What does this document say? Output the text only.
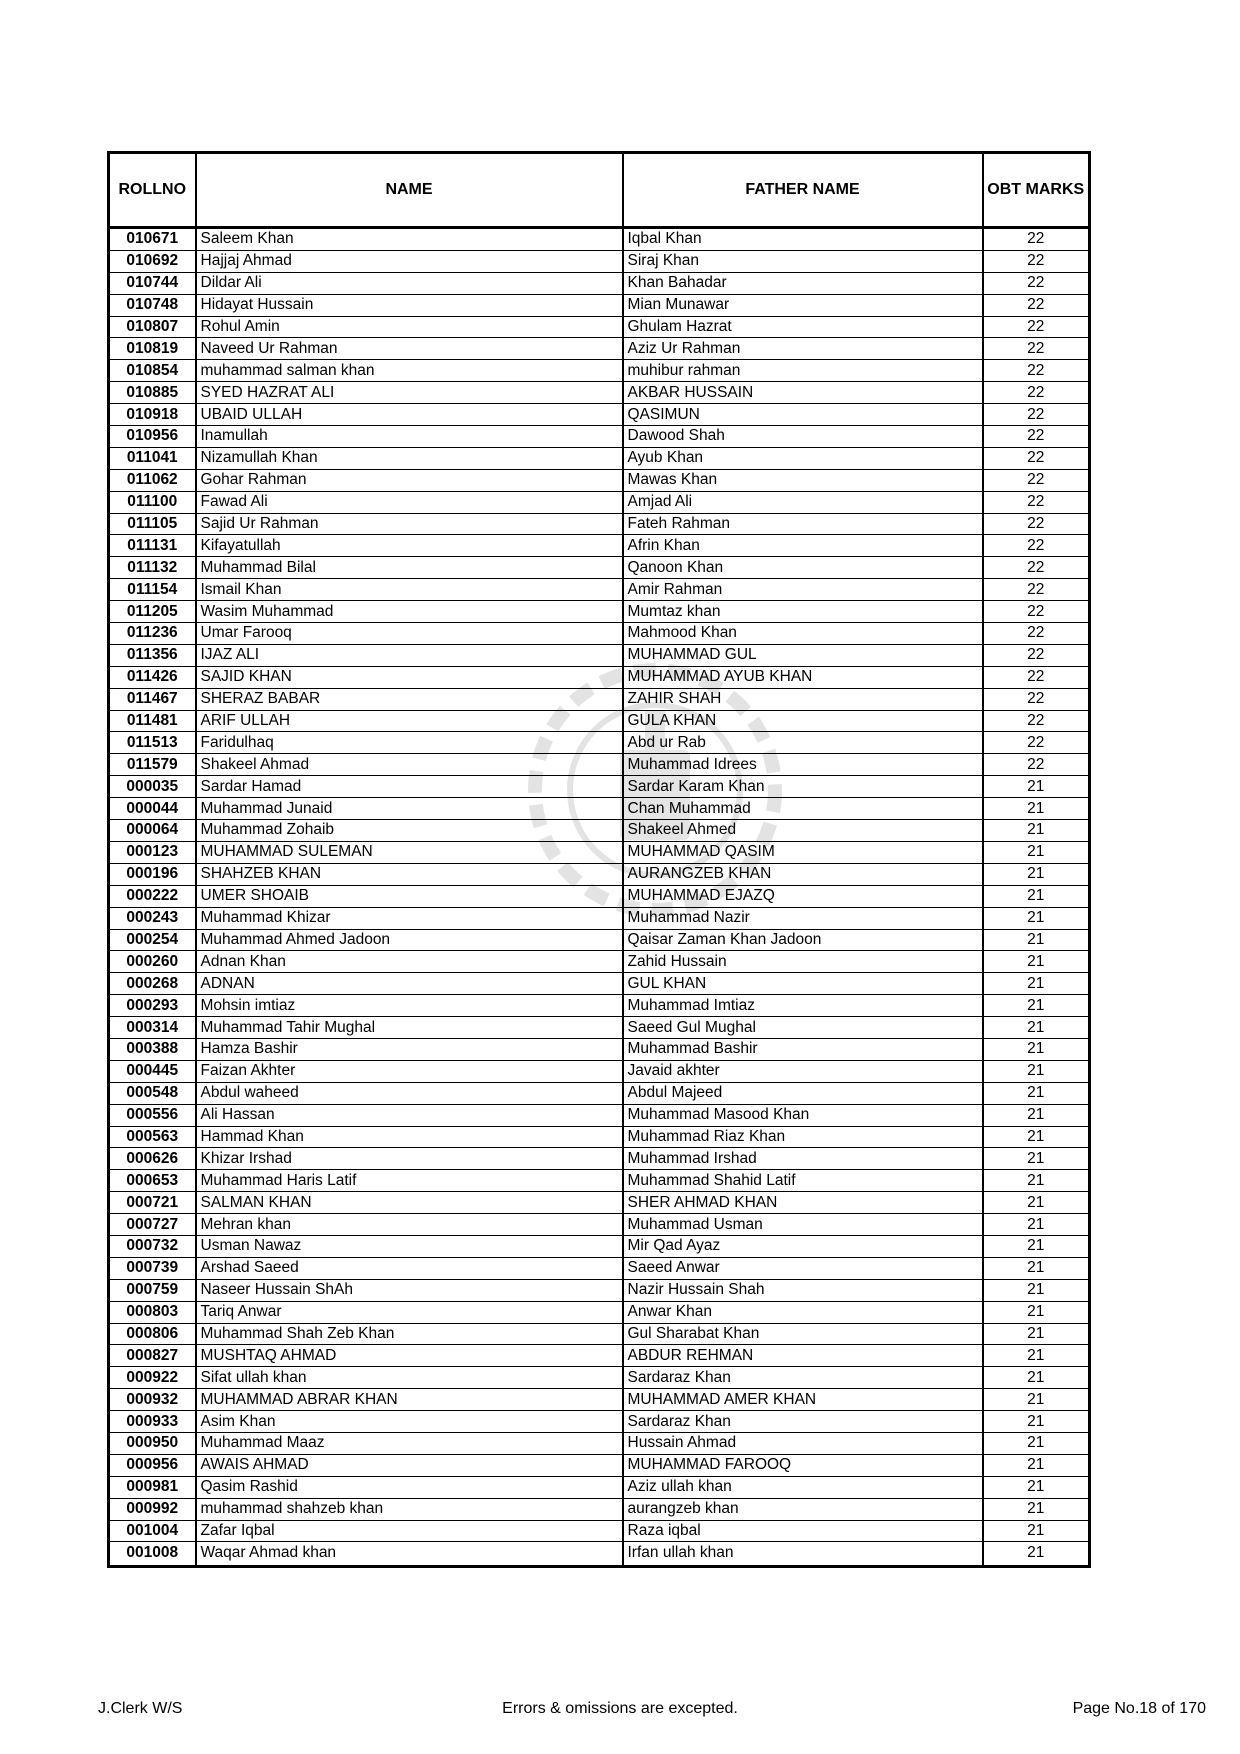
ROLLNO	NAME	FATHER NAME	OBT MARKS
010671	Saleem Khan	Iqbal Khan	22
010692	Hajjaj Ahmad	Siraj Khan	22
010744	Dildar Ali	Khan Bahadar	22
010748	Hidayat Hussain	Mian Munawar	22
010807	Rohul Amin	Ghulam Hazrat	22
010819	Naveed Ur Rahman	Aziz Ur Rahman	22
010854	muhammad salman khan	muhibur rahman	22
010885	SYED HAZRAT ALI	AKBAR HUSSAIN	22
010918	UBAID ULLAH	QASIMUN	22
010956	Inamullah	Dawood Shah	22
011041	Nizamullah Khan	Ayub Khan	22
011062	Gohar Rahman	Mawas Khan	22
011100	Fawad Ali	Amjad Ali	22
011105	Sajid Ur Rahman	Fateh Rahman	22
011131	Kifayatullah	Afrin Khan	22
011132	Muhammad Bilal	Qanoon Khan	22
011154	Ismail Khan	Amir Rahman	22
011205	Wasim Muhammad	Mumtaz khan	22
011236	Umar Farooq	Mahmood Khan	22
011356	IJAZ ALI	MUHAMMAD GUL	22
011426	SAJID KHAN	MUHAMMAD AYUB KHAN	22
011467	SHERAZ BABAR	ZAHIR SHAH	22
011481	ARIF ULLAH	GULA KHAN	22
011513	Faridulhaq	Abd ur Rab	22
011579	Shakeel Ahmad	Muhammad Idrees	22
000035	Sardar Hamad	Sardar Karam Khan	21
000044	Muhammad Junaid	Chan Muhammad	21
000064	Muhammad Zohaib	Shakeel Ahmed	21
000123	MUHAMMAD SULEMAN	MUHAMMAD QASIM	21
000196	SHAHZEB KHAN	AURANGZEB KHAN	21
000222	UMER SHOAIB	MUHAMMAD EJAZQ	21
000243	Muhammad Khizar	Muhammad Nazir	21
000254	Muhammad Ahmed Jadoon	Qaisar Zaman Khan Jadoon	21
000260	Adnan Khan	Zahid Hussain	21
000268	ADNAN	GUL KHAN	21
000293	Mohsin imtiaz	Muhammad Imtiaz	21
000314	Muhammad Tahir Mughal	Saeed Gul Mughal	21
000388	Hamza Bashir	Muhammad Bashir	21
000445	Faizan Akhter	Javaid akhter	21
000548	Abdul waheed	Abdul Majeed	21
000556	Ali Hassan	Muhammad Masood Khan	21
000563	Hammad Khan	Muhammad Riaz Khan	21
000626	Khizar Irshad	Muhammad Irshad	21
000653	Muhammad Haris Latif	Muhammad Shahid Latif	21
000721	SALMAN KHAN	SHER AHMAD KHAN	21
000727	Mehran khan	Muhammad Usman	21
000732	Usman Nawaz	Mir Qad Ayaz	21
000739	Arshad Saeed	Saeed Anwar	21
000759	Naseer Hussain ShAh	Nazir Hussain Shah	21
000803	Tariq Anwar	Anwar Khan	21
000806	Muhammad Shah Zeb Khan	Gul Sharabat Khan	21
000827	MUSHTAQ AHMAD	ABDUR REHMAN	21
000922	Sifat ullah khan	Sardaraz Khan	21
000932	MUHAMMAD ABRAR KHAN	MUHAMMAD AMER KHAN	21
000933	Asim Khan	Sardaraz Khan	21
000950	Muhammad Maaz	Hussain Ahmad	21
000956	AWAIS AHMAD	MUHAMMAD FAROOQ	21
000981	Qasim Rashid	Aziz ullah khan	21
000992	muhammad shahzeb khan	aurangzeb khan	21
001004	Zafar Iqbal	Raza iqbal	21
001008	Waqar Ahmad khan	Irfan ullah khan	21
J.Clerk W/S	Errors & omissions are excepted.	Page No.18 of 170
